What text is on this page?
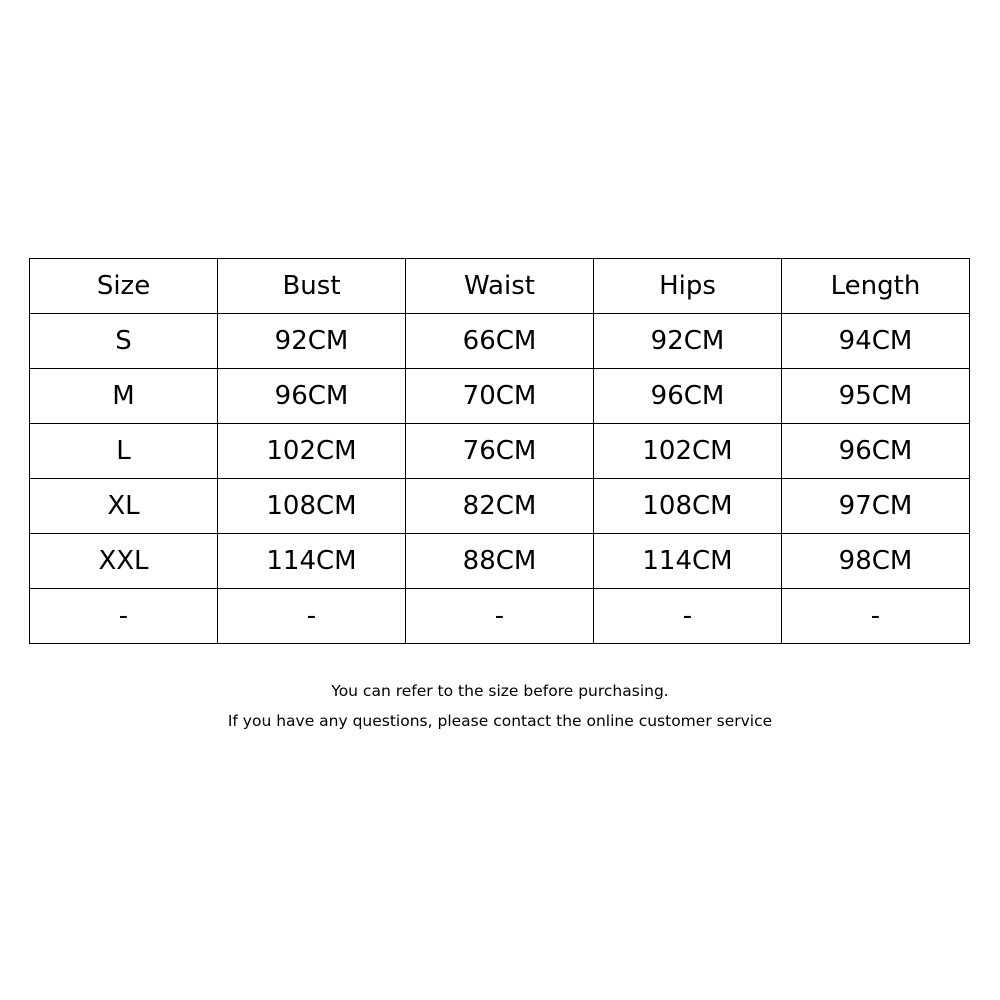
Size	Bust	Waist	Hips	Length
S	92CM	66CM	92CM	94CM
M	96CM	70CM	96CM	95CM
L	102CM	76CM	102CM	96CM
XL	108CM	82CM	108CM	97CM
XXL	114CM	88CM	114CM	98CM
-	-	-	-	-
You can refer to the size before purchasing.
If you have any questions, please contact the online customer service
